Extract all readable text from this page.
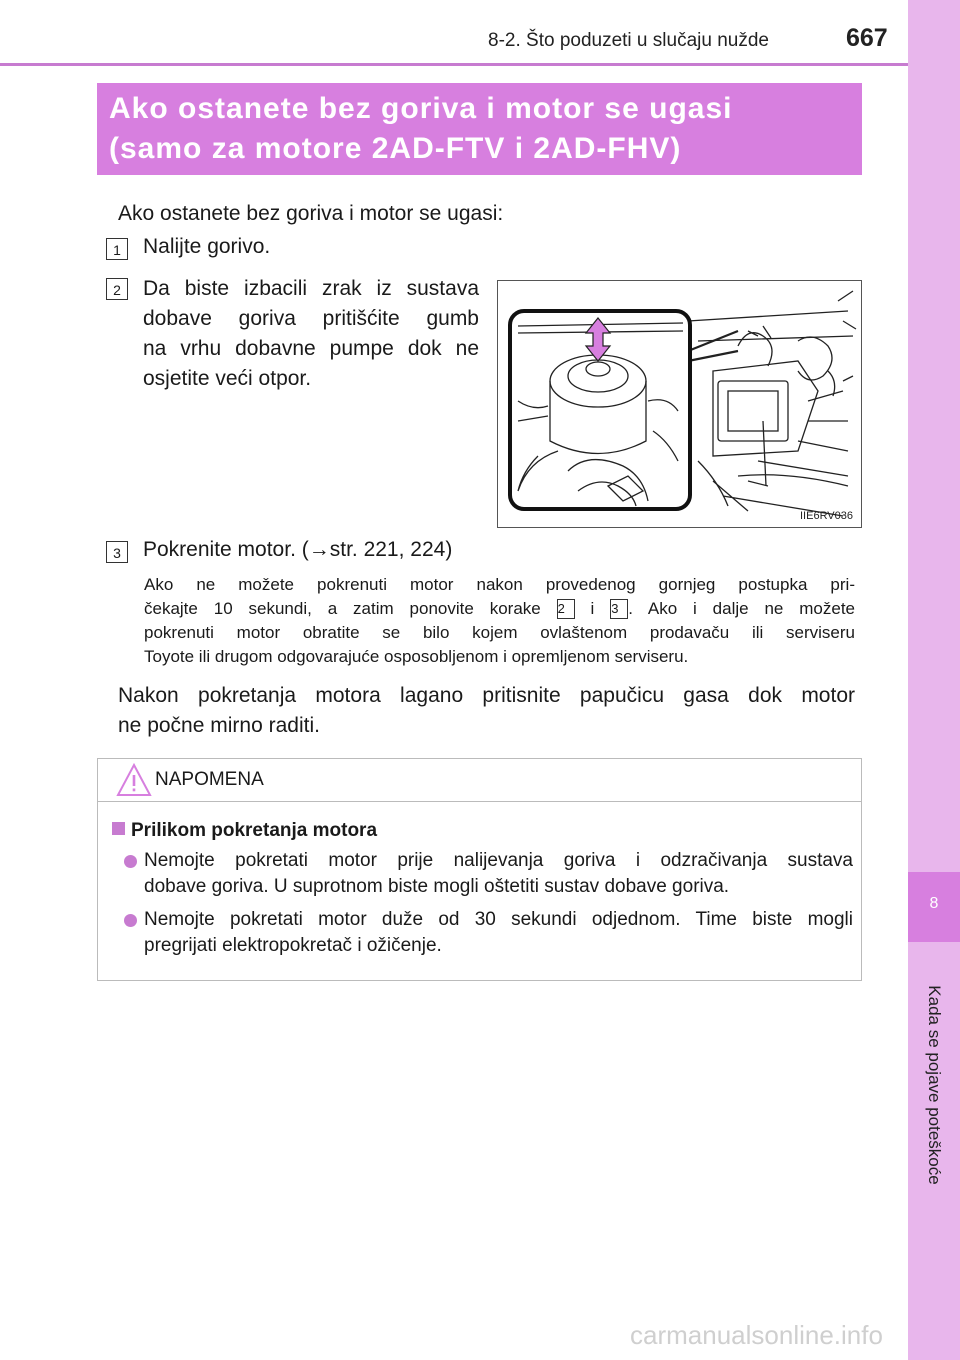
8-2. Što poduzeti u slučaju nužde	667
8
Kada se pojave poteškoće
Ako ostanete bez goriva i motor se ugasi
(samo za motore 2AD-FTV i 2AD-FHV)
Ako ostanete bez goriva i motor se ugasi:
1	Nalijte gorivo.
2	Da biste izbacili zrak iz sustava
dobave goriva pritišćite gumb
na vrhu dobavne pumpe dok ne
osjetite veći otpor.
IIE6RV036
3	Pokrenite motor. (→str. 221, 224)
Ako ne možete pokrenuti motor nakon provedenog gornjeg postupka pri-
čekajte 10 sekundi, a zatim ponovite korake 2 i 3 . Ako i dalje ne možete
pokrenuti motor obratite se bilo kojem ovlaštenom prodavaču ili serviseru
Toyote ili drugom odgovarajuće osposobljenom i opremljenom serviseru.
Nakon pokretanja motora lagano pritisnite papučicu gasa dok motor
ne počne mirno raditi.
NAPOMENA
Prilikom pokretanja motora
Nemojte pokretati motor prije nalijevanja goriva i odzračivanja sustava
dobave goriva. U suprotnom biste mogli oštetiti sustav dobave goriva.
Nemojte pokretati motor duže od 30 sekundi odjednom. Time biste mogli
pregrijati elektropokretač i ožičenje.
carmanualsonline.info
